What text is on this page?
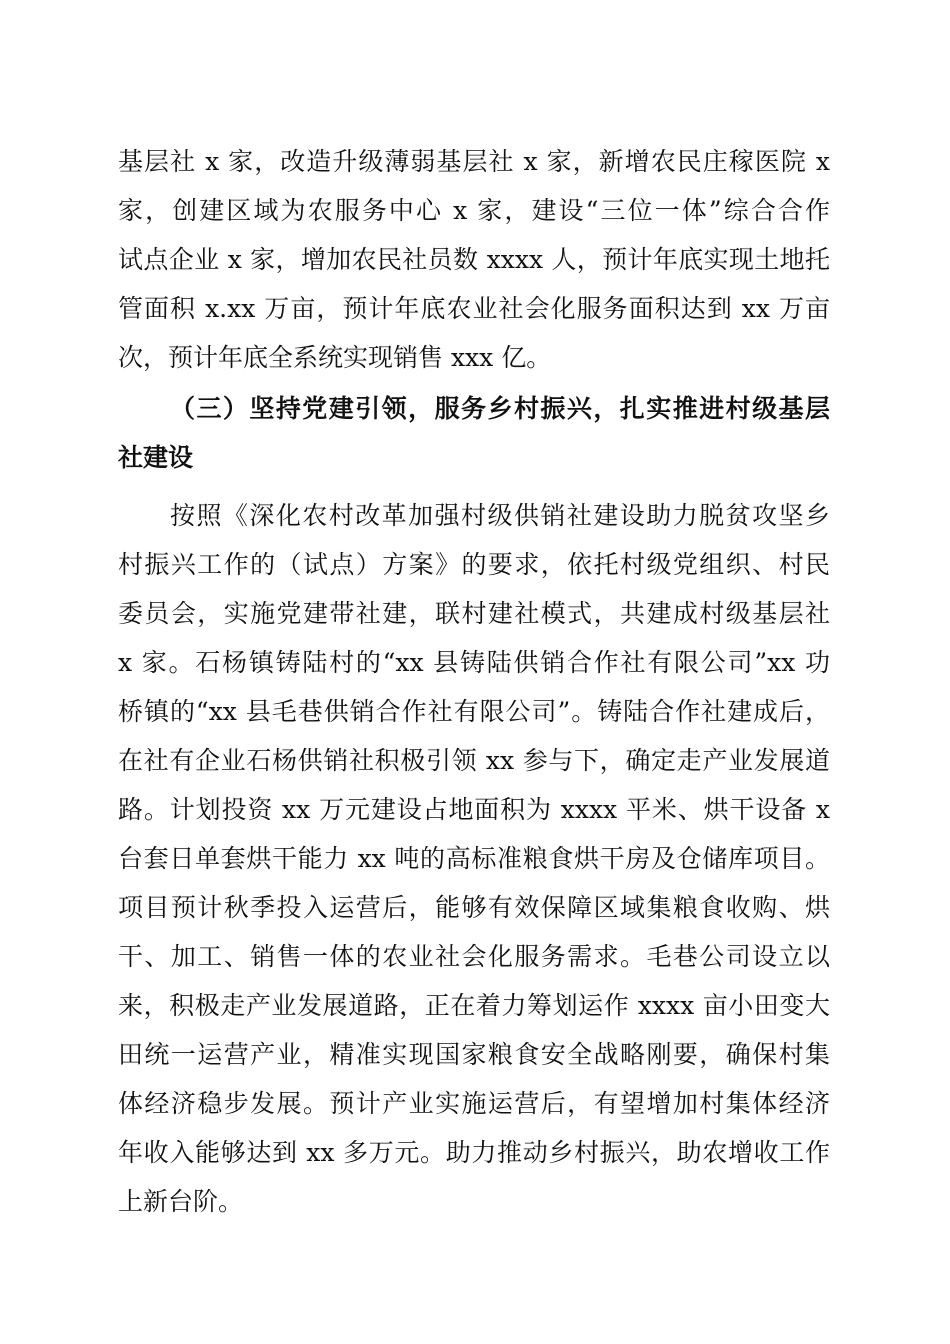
基层社 x 家，改造升级薄弱基层社 x 家，新增农民庄稼医院 x
家，创建区域为农服务中心 x 家，建设“三位一体”综合合作
试点企业 x 家，增加农民社员数 xxxx 人，预计年底实现土地托
管面积 x.xx 万亩，预计年底农业社会化服务面积达到 xx 万亩
次，预计年底全系统实现销售 xxx 亿。
（三）坚持党建引领，服务乡村振兴，扎实推进村级基层
社建设
按照《深化农村改革加强村级供销社建设助力脱贫攻坚乡
村振兴工作的（试点）方案》的要求，依托村级党组织、村民
委员会，实施党建带社建，联村建社模式，共建成村级基层社
x 家。石杨镇铸陆村的“xx 县铸陆供销合作社有限公司”xx 功
桥镇的“xx 县毛巷供销合作社有限公司”。铸陆合作社建成后，
在社有企业石杨供销社积极引领 xx 参与下，确定走产业发展道
路。计划投资 xx 万元建设占地面积为 xxxx 平米、烘干设备 x
台套日单套烘干能力 xx 吨的高标准粮食烘干房及仓储库项目。
项目预计秋季投入运营后，能够有效保障区域集粮食收购、烘
干、加工、销售一体的农业社会化服务需求。毛巷公司设立以
来，积极走产业发展道路，正在着力筹划运作 xxxx 亩小田变大
田统一运营产业，精准实现国家粮食安全战略刚要，确保村集
体经济稳步发展。预计产业实施运营后，有望增加村集体经济
年收入能够达到 xx 多万元。助力推动乡村振兴，助农增收工作
上新台阶。
